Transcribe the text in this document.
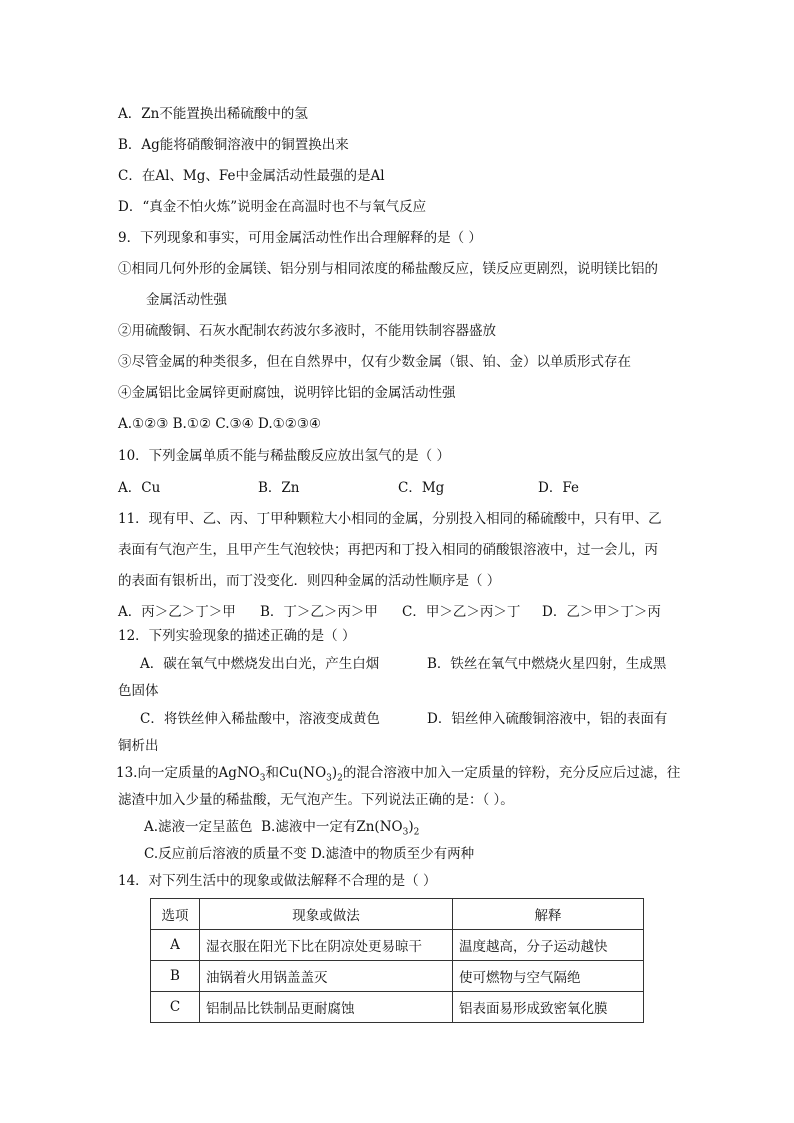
A．Zn不能置换出稀硫酸中的氢
B．Ag能将硝酸铜溶液中的铜置换出来
C．在Al、Mg、Fe中金属活动性最强的是Al
D．“真金不怕火炼”说明金在高温时也不与氧气反应
9．下列现象和事实，可用金属活动性作出合理解释的是（ ）
①相同几何外形的金属镁、铝分别与相同浓度的稀盐酸反应，镁反应更剧烈，说明镁比铝的
金属活动性强
②用硫酸铜、石灰水配制农药波尔多液时，不能用铁制容器盛放
③尽管金属的种类很多，但在自然界中，仅有少数金属（银、铂、金）以单质形式存在
④金属铝比金属锌更耐腐蚀，说明锌比铝的金属活动性强
A.①②③ B.①② C.③④ D.①②③④
10．下列金属单质不能与稀盐酸反应放出氢气的是（ ）
A．Cu	B．Zn	C．Mg	D．Fe
11．现有甲、乙、丙、丁甲种颗粒大小相同的金属，分别投入相同的稀硫酸中，只有甲、乙
表面有气泡产生，且甲产生气泡较快；再把丙和丁投入相同的硝酸银溶液中，过一会儿，丙
的表面有银析出，而丁没变化．则四种金属的活动性顺序是（ ）
A．丙＞乙＞丁＞甲 B．丁＞乙＞丙＞甲 C．甲＞乙＞丙＞丁 D．乙＞甲＞丁＞丙
12．下列实验现象的描述正确的是（ ）
A．碳在氧气中燃烧发出白光，产生白烟	B．铁丝在氧气中燃烧火星四射，生成黑
色固体
C．将铁丝伸入稀盐酸中，溶液变成黄色	D．铝丝伸入硫酸铜溶液中，铝的表面有
铜析出
13.向一定质量的AgNO$_3$和$Cu(NO_3)_2$的混合溶液中加入一定质量的锌粉，充分反应后过滤，往
滤渣中加入少量的稀盐酸，无气泡产生。下列说法正确的是：（ ）。
A.滤液一定呈蓝色 B.滤液中一定有$Zn(NO_3)_2$
C.反应前后溶液的质量不变 D.滤渣中的物质至少有两种
14．对下列生活中的现象或做法解释不合理的是（ ）
选项	现象或做法	解释
A	湿衣服在阳光下比在阴凉处更易晾干	温度越高，分子运动越快
B	油锅着火用锅盖盖灭	使可燃物与空气隔绝
C	铝制品比铁制品更耐腐蚀	铝表面易形成致密氧化膜
